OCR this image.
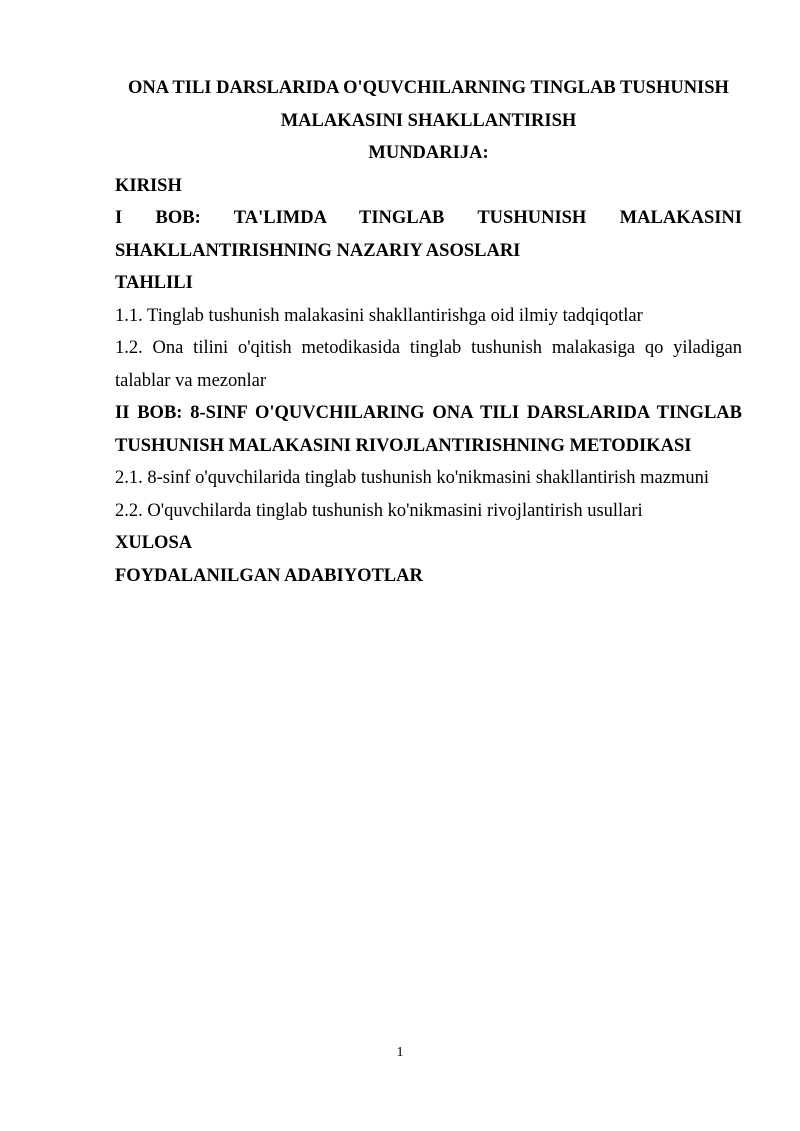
ONA TILI DARSLARIDA O'QUVCHILARNING TINGLAB TUSHUNISH

MALAKASINI SHAKLLANTIRISH

MUNDARIJA:

KIRISH

I BOB: TA'LIMDA TINGLAB TUSHUNISH MALAKASINI

SHAKLLANTIRISHNING NAZARIY ASOSLARI

TAHLILI

1.1. Tinglab tushunish malakasini shakllantirishga oid ilmiy tadqiqotlar

1.2. Ona tilini o'qitish metodikasida tinglab tushunish malakasiga qo yiladigan

talablar va mezonlar

II BOB: 8-SINF O'QUVCHILARING ONA TILI DARSLARIDA TINGLAB

TUSHUNISH MALAKASINI RIVOJLANTIRISHNING METODIKASI

2.1. 8-sinf o'quvchilarida tinglab tushunish ko'nikmasini shakllantirish mazmuni

2.2. O'quvchilarda tinglab tushunish ko'nikmasini rivojlantirish usullari

XULOSA

FOYDALANILGAN ADABIYOTLAR

1
